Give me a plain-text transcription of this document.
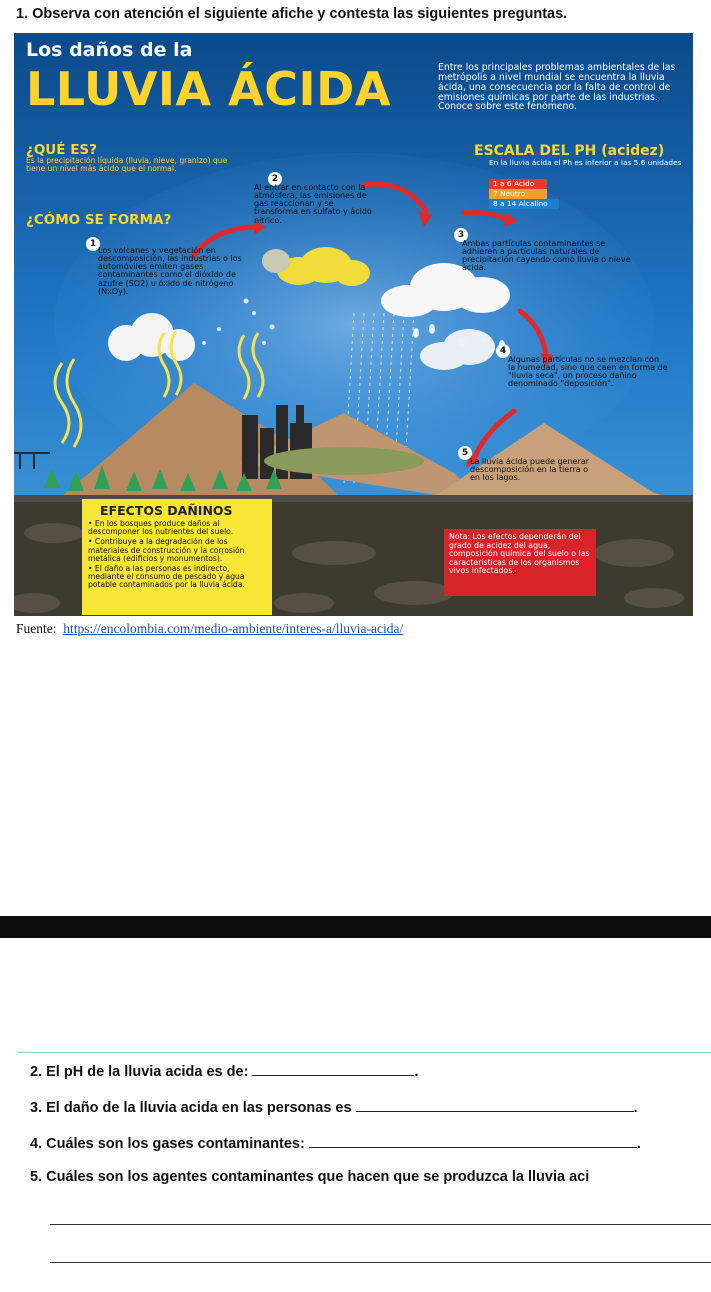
1. Observa con atención el siguiente afiche y contesta las siguientes preguntas.
Los daños de la
LLUVIA ÁCIDA	Entre los principales problemas ambientales de las metrópolis a nivel mundial se encuentra la lluvia ácida, una consecuencia por la falta de control de emisiones químicas por parte de las industrias. Conoce sobre este fenómeno.
¿QUÉ ES?
Es la precipitación líquida (lluvia, nieve, granizo) que tiene un nivel más ácido que el normal.
¿CÓMO SE FORMA?
ESCALA DEL PH (acidez)
En la lluvia ácida el Ph es inferior a las 5.6 unidades
1 a 6 Acido
7 Neutro
8 a 14 Alcalino
1
Los volcanes y vegetación en descomposición, las industrias o los automóviles emiten gases contaminantes como el dióxido de azufre (SO2) u óxido de nitrógeno (NxOy).
2
Al entrar en contacto con la atmósfera, las emisiones de gas reaccionan y se transforma en sulfato y ácido nítrico.
3
Ambas partículas contaminantes se adhieren a partículas naturales de precipitación cayendo como lluvia o nieve ácida.
4
Algunas partículas no se mezclan con la humedad, sino que caen en forma de "lluvia seca", un proceso dañino denominado "deposición".
5
La lluvia ácida puede generar descomposición en la tierra o en los lagos.
EFECTOS DAÑINOS
• En los bosques produce daños al descomponer los nutrientes del suelo.
• Contribuye a la degradación de los materiales de construcción y la corrosión metálica (edificios y monumentos).
• El daño a las personas es indirecto, mediante el consumo de pescado y agua potable contaminados por la lluvia ácida.
Nota: Los efectos dependerán del grado de acidez del agua, composición química del suelo o las características de los organismos vivos infectados.
Fuente: https://encolombia.com/medio-ambiente/interes-a/lluvia-acida/
2. El pH de la lluvia acida es de:	.
3. El daño de la lluvia acida en las personas es	.
4. Cuáles son los gases contaminantes:	.
5. Cuáles son los agentes contaminantes que hacen que se produzca la lluvia aci
